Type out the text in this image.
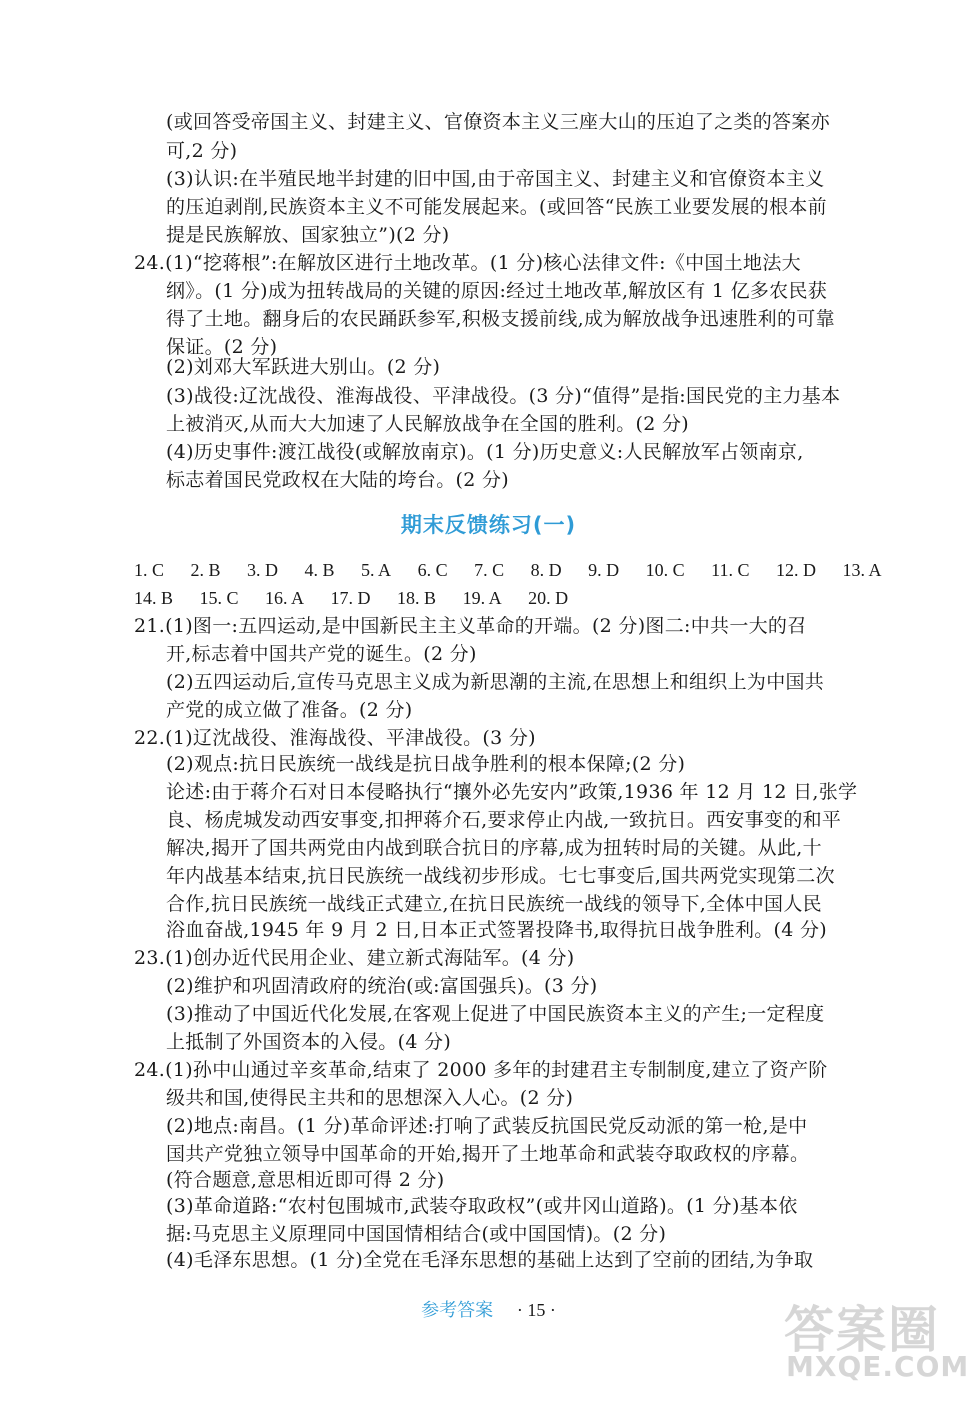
(或回答受帝国主义、封建主义、官僚资本主义三座大山的压迫了之类的答案亦
可,2 分)
(3)认识:在半殖民地半封建的旧中国,由于帝国主义、封建主义和官僚资本主义
的压迫剥削,民族资本主义不可能发展起来。(或回答“民族工业要发展的根本前
提是民族解放、国家独立”)(2 分)
24.(1)“挖蒋根”:在解放区进行土地改革。(1 分)核心法律文件:《中国土地法大
纲》。(1 分)成为扭转战局的关键的原因:经过土地改革,解放区有 1 亿多农民获
得了土地。翻身后的农民踊跃参军,积极支援前线,成为解放战争迅速胜利的可靠
保证。(2 分)
(2)刘邓大军跃进大别山。(2 分)
(3)战役:辽沈战役、淮海战役、平津战役。(3 分)“值得”是指:国民党的主力基本
上被消灭,从而大大加速了人民解放战争在全国的胜利。(2 分)
(4)历史事件:渡江战役(或解放南京)。(1 分)历史意义:人民解放军占领南京,
标志着国民党政权在大陆的垮台。(2 分)
期末反馈练习(一)
1. C 2. B 3. D 4. B 5. A 6. C 7. C 8. D 9. D 10. C 11. C 12. D 13. A
14. B 15. C 16. A 17. D 18. B 19. A 20. D
21.(1)图一:五四运动,是中国新民主主义革命的开端。(2 分)图二:中共一大的召
开,标志着中国共产党的诞生。(2 分)
(2)五四运动后,宣传马克思主义成为新思潮的主流,在思想上和组织上为中国共
产党的成立做了准备。(2 分)
22.(1)辽沈战役、淮海战役、平津战役。(3 分)
(2)观点:抗日民族统一战线是抗日战争胜利的根本保障;(2 分)
论述:由于蒋介石对日本侵略执行“攘外必先安内”政策,1936 年 12 月 12 日,张学
良、杨虎城发动西安事变,扣押蒋介石,要求停止内战,一致抗日。西安事变的和平
解决,揭开了国共两党由内战到联合抗日的序幕,成为扭转时局的关键。从此,十
年内战基本结束,抗日民族统一战线初步形成。七七事变后,国共两党实现第二次
合作,抗日民族统一战线正式建立,在抗日民族统一战线的领导下,全体中国人民
浴血奋战,1945 年 9 月 2 日,日本正式签署投降书,取得抗日战争胜利。(4 分)
23.(1)创办近代民用企业、建立新式海陆军。(4 分)
(2)维护和巩固清政府的统治(或:富国强兵)。(3 分)
(3)推动了中国近代化发展,在客观上促进了中国民族资本主义的产生;一定程度
上抵制了外国资本的入侵。(4 分)
24.(1)孙中山通过辛亥革命,结束了 2000 多年的封建君主专制制度,建立了资产阶
级共和国,使得民主共和的思想深入人心。(2 分)
(2)地点:南昌。(1 分)革命评述:打响了武装反抗国民党反动派的第一枪,是中
国共产党独立领导中国革命的开始,揭开了土地革命和武装夺取政权的序幕。
(符合题意,意思相近即可得 2 分)
(3)革命道路:“农村包围城市,武装夺取政权”(或井冈山道路)。(1 分)基本依
据:马克思主义原理同中国国情相结合(或中国国情)。(2 分)
(4)毛泽东思想。(1 分)全党在毛泽东思想的基础上达到了空前的团结,为争取
参考答案 · 15 ·	答案圈
MXQE.COM
